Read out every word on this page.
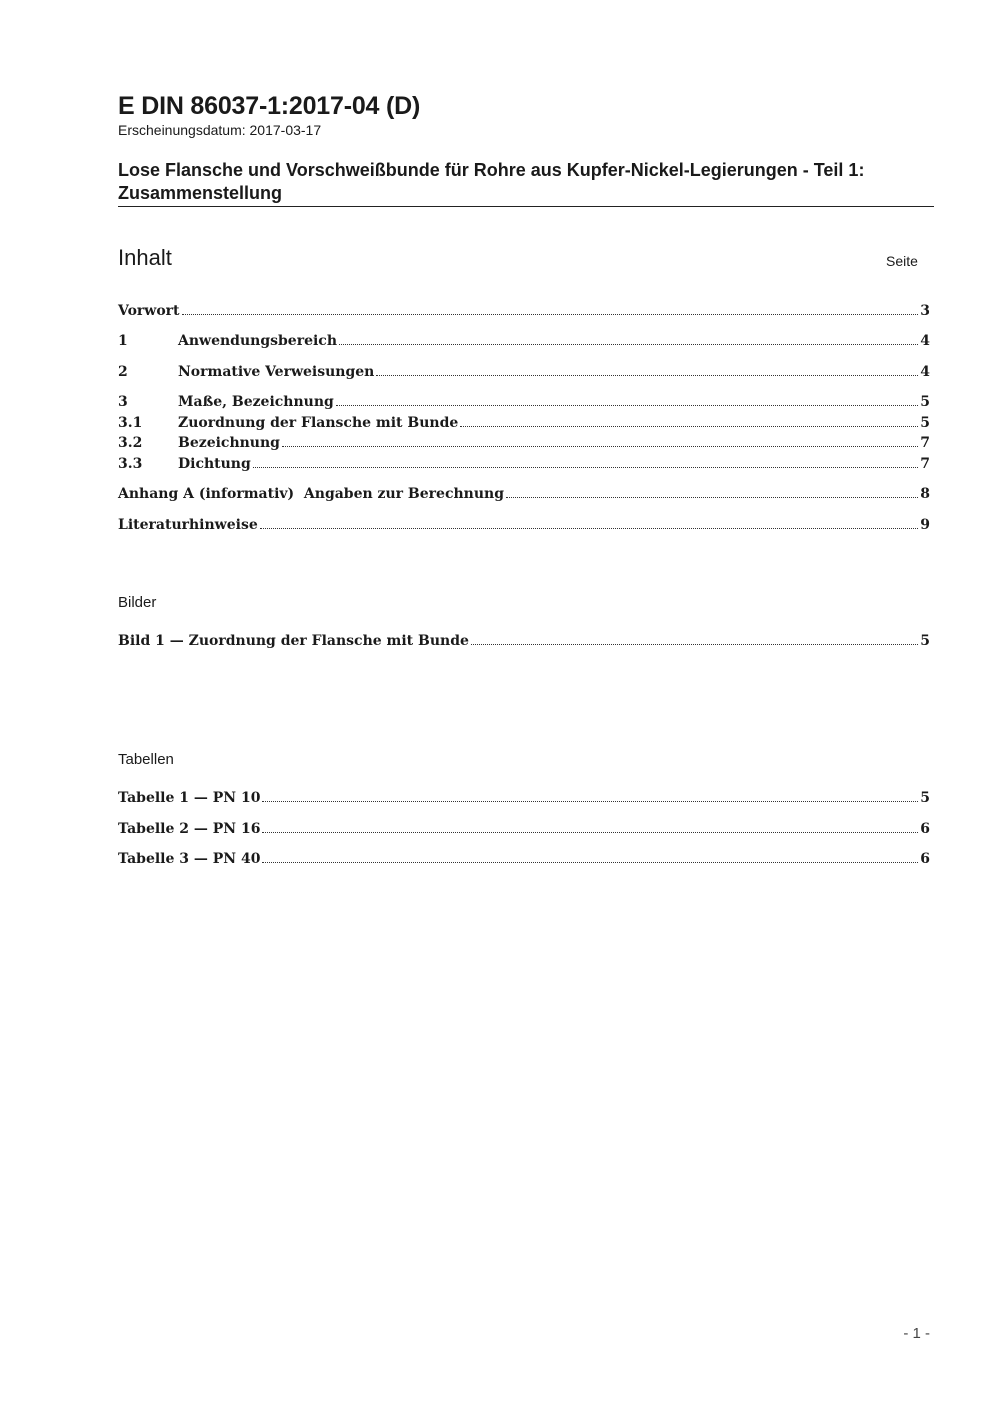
E DIN 86037-1:2017-04 (D)
Erscheinungsdatum: 2017-03-17
Lose Flansche und Vorschweißbunde für Rohre aus Kupfer-Nickel-Legierungen - Teil 1: Zusammenstellung
Inhalt	Seite
Vorwort	3
1	Anwendungsbereich	4
2	Normative Verweisungen	4
3	Maße, Bezeichnung	5
3.1	Zuordnung der Flansche mit Bunde	5
3.2	Bezeichnung	7
3.3	Dichtung	7
Anhang A (informativ)  Angaben zur Berechnung	8
Literaturhinweise	9
Bilder
Bild 1 — Zuordnung der Flansche mit Bunde	5
Tabellen
Tabelle 1 — PN 10	5
Tabelle 2 — PN 16	6
Tabelle 3 — PN 40	6
- 1 -
